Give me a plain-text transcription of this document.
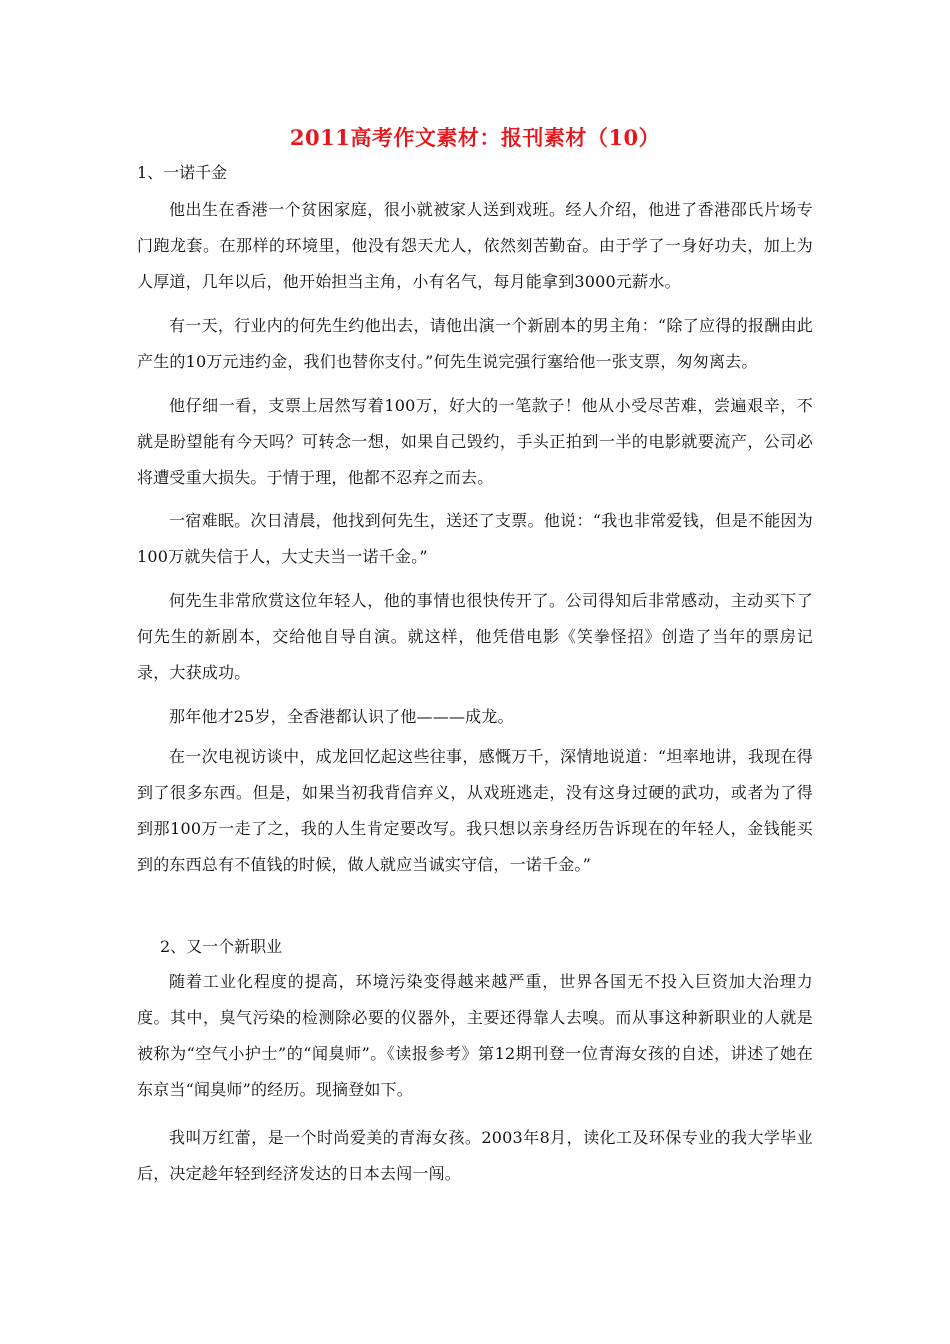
2011高考作文素材：报刊素材（10）
1、一诺千金
他出生在香港一个贫困家庭，很小就被家人送到戏班。经人介绍，他进了香港邵氏片场专门跑龙套。在那样的环境里，他没有怨天尤人，依然刻苦勤奋。由于学了一身好功夫，加上为人厚道，几年以后，他开始担当主角，小有名气，每月能拿到3000元薪水。
有一天，行业内的何先生约他出去，请他出演一个新剧本的男主角：“除了应得的报酬由此产生的10万元违约金，我们也替你支付。”何先生说完强行塞给他一张支票，匆匆离去。
他仔细一看，支票上居然写着100万，好大的一笔款子！他从小受尽苦难，尝遍艰辛，不就是盼望能有今天吗？可转念一想，如果自己毁约，手头正拍到一半的电影就要流产，公司必将遭受重大损失。于情于理，他都不忍弃之而去。
一宿难眠。次日清晨，他找到何先生，送还了支票。他说：“我也非常爱钱，但是不能因为100万就失信于人，大丈夫当一诺千金。”
何先生非常欣赏这位年轻人，他的事情也很快传开了。公司得知后非常感动，主动买下了何先生的新剧本，交给他自导自演。就这样，他凭借电影《笑拳怪招》创造了当年的票房记录，大获成功。
那年他才25岁，全香港都认识了他———成龙。
在一次电视访谈中，成龙回忆起这些往事，感慨万千，深情地说道：“坦率地讲，我现在得到了很多东西。但是，如果当初我背信弃义，从戏班逃走，没有这身过硬的武功，或者为了得到那100万一走了之，我的人生肯定要改写。我只想以亲身经历告诉现在的年轻人，金钱能买到的东西总有不值钱的时候，做人就应当诚实守信，一诺千金。”
2、又一个新职业
随着工业化程度的提高，环境污染变得越来越严重，世界各国无不投入巨资加大治理力度。其中，臭气污染的检测除必要的仪器外，主要还得靠人去嗅。而从事这种新职业的人就是被称为“空气小护士”的“闻臭师”。《读报参考》第12期刊登一位青海女孩的自述，讲述了她在东京当“闻臭师”的经历。现摘登如下。
我叫万红蕾，是一个时尚爱美的青海女孩。2003年8月，读化工及环保专业的我大学毕业后，决定趁年轻到经济发达的日本去闯一闯。
